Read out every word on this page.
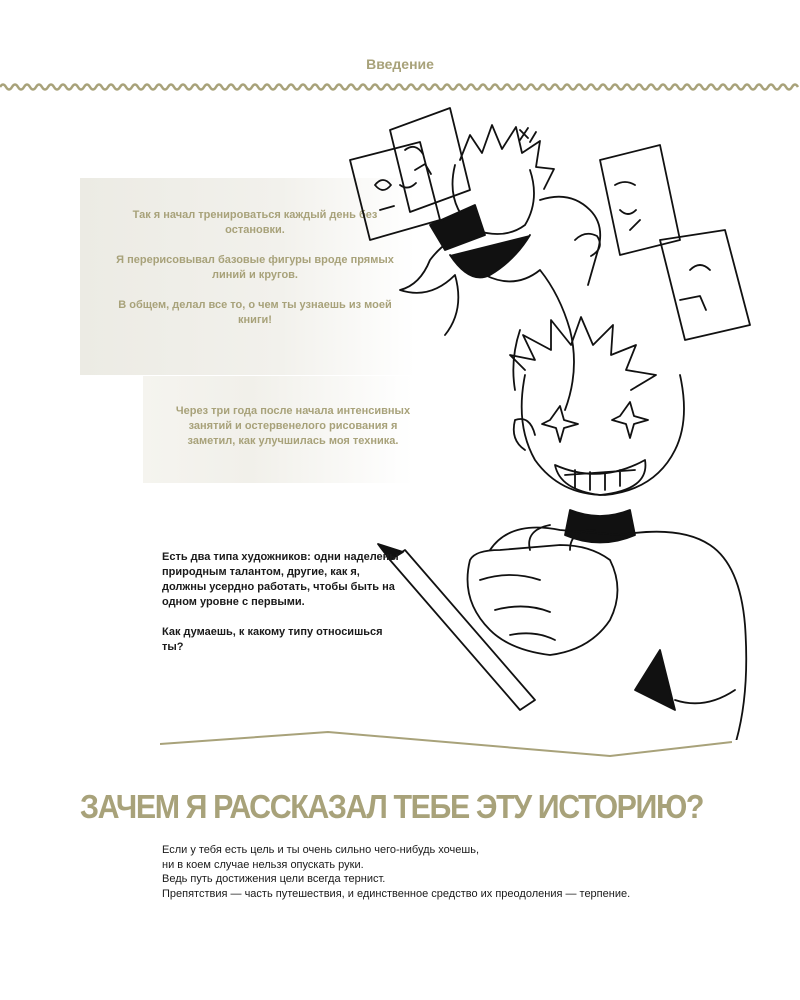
Введение

Так я начал тренироваться каждый день без остановки.

Я перерисовывал базовые фигуры вроде прямых линий и кругов.

В общем, делал все то, о чем ты узнаешь из моей книги!

Через три года после начала интенсивных занятий и остервенелого рисования я заметил, как улучшилась моя техника.

Есть два типа художников: одни наделены природным талантом, другие, как я, должны усердно работать, чтобы быть на одном уровне с первыми.

Как думаешь, к какому типу относишься ты?

ЗАЧЕМ Я РАССКАЗАЛ ТЕБЕ ЭТУ ИСТОРИЮ?
Если у тебя есть цель и ты очень сильно чего-нибудь хочешь,
ни в коем случае нельзя опускать руки.
Ведь путь достижения цели всегда тернист.
Препятствия — часть путешествия, и единственное средство их преодоления — терпение.
